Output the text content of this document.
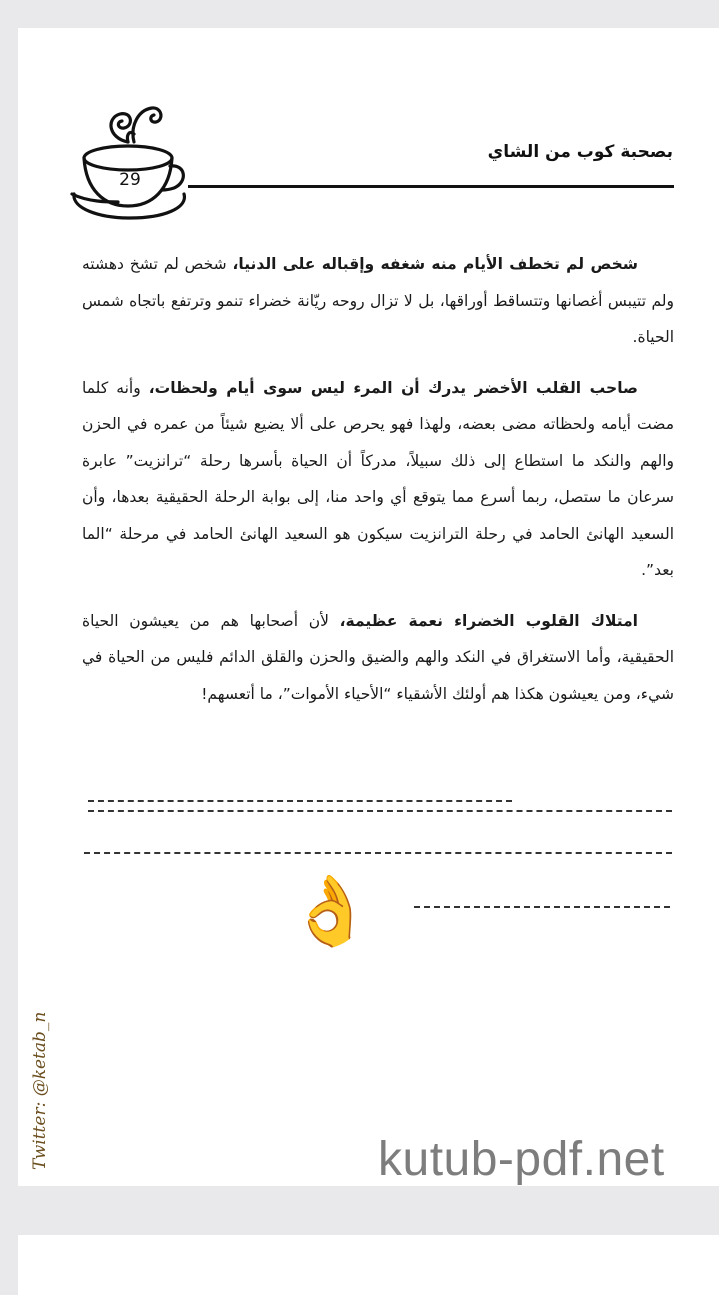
29
بصحبة كوب من الشاي

شخص لم تخطف الأيام منه شغفه وإقباله على الدنيا، شخص لم تشخ دهشته ولم تتيبس أغصانها وتتساقط أوراقها، بل لا تزال روحه ريّانة خضراء تنمو وترتفع باتجاه شمس الحياة.

صاحب القلب الأخضر يدرك أن المرء ليس سوى أيام ولحظات، وأنه كلما مضت أيامه ولحظاته مضى بعضه، ولهذا فهو يحرص على ألا يضيع شيئاً من عمره في الحزن والهم والنكد ما استطاع إلى ذلك سبيلاً، مدركاً أن الحياة بأسرها رحلة “ترانزيت” عابرة سرعان ما ستصل، ربما أسرع مما يتوقع أي واحد منا، إلى بوابة الرحلة الحقيقية بعدها، وأن السعيد الهانئ الحامد في رحلة الترانزيت سيكون هو السعيد الهانئ الحامد في مرحلة “الما بعد”.

امتلاك القلوب الخضراء نعمة عظيمة، لأن أصحابها هم من يعيشون الحياة الحقيقية، وأما الاستغراق في النكد والهم والضيق والحزن والقلق الدائم فليس من الحياة في شيء، ومن يعيشون هكذا هم أولئك الأشقياء “الأحياء الأموات”، ما أتعسهم!

👌
Twitter: @ketab_n	kutub-pdf.net
